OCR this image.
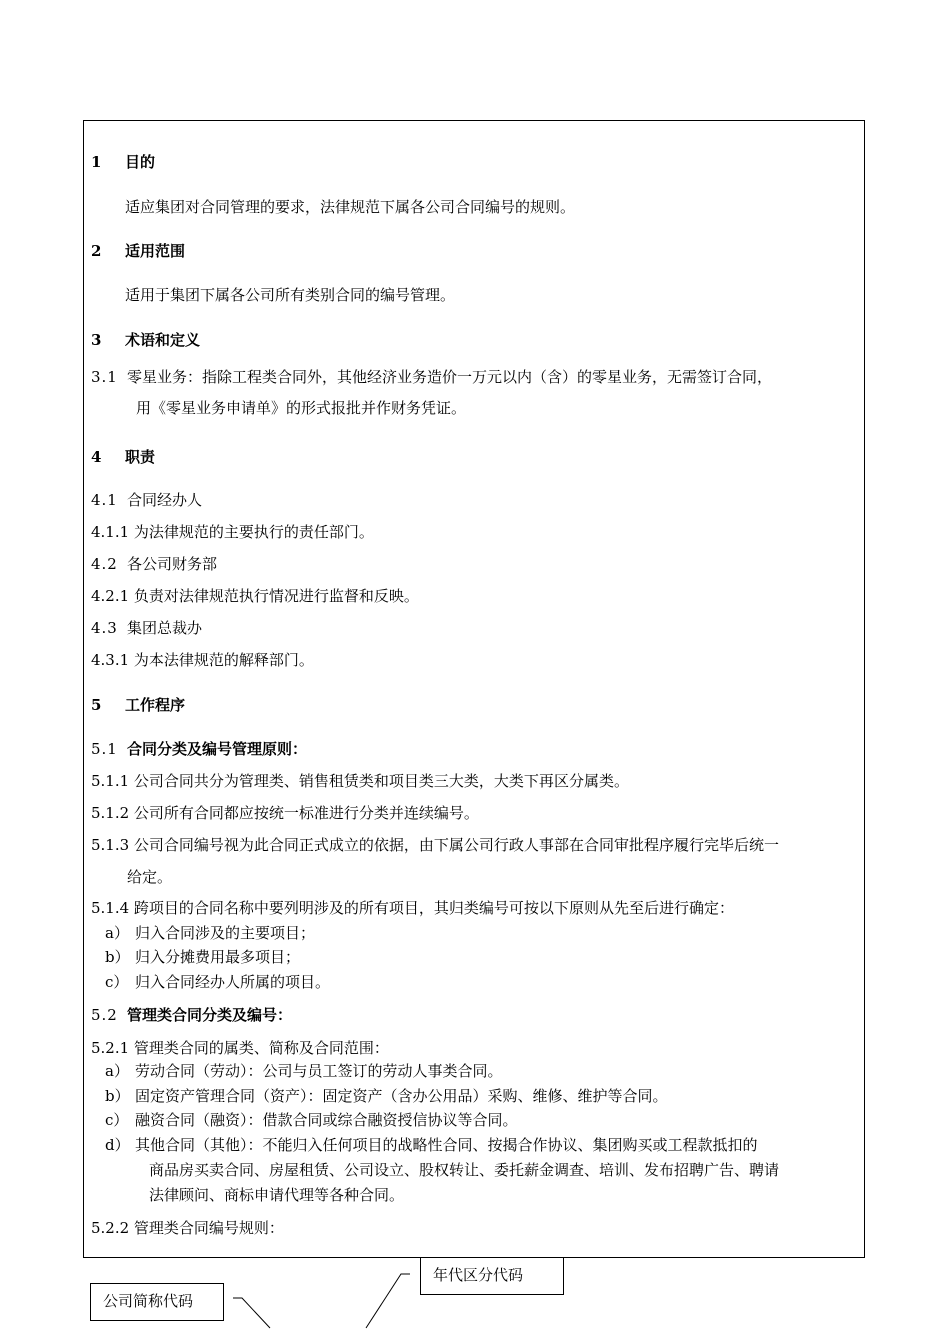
1 目的
适应集团对合同管理的要求，法律规范下属各公司合同编号的规则。
2 适用范围
适用于集团下属各公司所有类别合同的编号管理。
3 术语和定义
3.1 零星业务：指除工程类合同外，其他经济业务造价一万元以内（含）的零星业务，无需签订合同，
用《零星业务申请单》的形式报批并作财务凭证。
4 职责
4.1 合同经办人
4.1.1 为法律规范的主要执行的责任部门。
4.2 各公司财务部
4.2.1 负责对法律规范执行情况进行监督和反映。
4.3 集团总裁办
4.3.1 为本法律规范的解释部门。
5 工作程序
5.1 合同分类及编号管理原则：
5.1.1 公司合同共分为管理类、销售租赁类和项目类三大类，大类下再区分属类。
5.1.2 公司所有合同都应按统一标准进行分类并连续编号。
5.1.3 公司合同编号视为此合同正式成立的依据，由下属公司行政人事部在合同审批程序履行完毕后统一
给定。
5.1.4 跨项目的合同名称中要列明涉及的所有项目，其归类编号可按以下原则从先至后进行确定：
a） 归入合同涉及的主要项目；
b） 归入分摊费用最多项目；
c） 归入合同经办人所属的项目。
5.2 管理类合同分类及编号：
5.2.1 管理类合同的属类、简称及合同范围：
a） 劳动合同（劳动）：公司与员工签订的劳动人事类合同。
b） 固定资产管理合同（资产）：固定资产（含办公用品）采购、维修、维护等合同。
c） 融资合同（融资）：借款合同或综合融资授信协议等合同。
d） 其他合同（其他）：不能归入任何项目的战略性合同、按揭合作协议、集团购买或工程款抵扣的
商品房买卖合同、房屋租赁、公司设立、股权转让、委托薪金调查、培训、发布招聘广告、聘请
法律顾问、商标申请代理等各种合同。
5.2.2 管理类合同编号规则：
年代区分代码
公司简称代码
